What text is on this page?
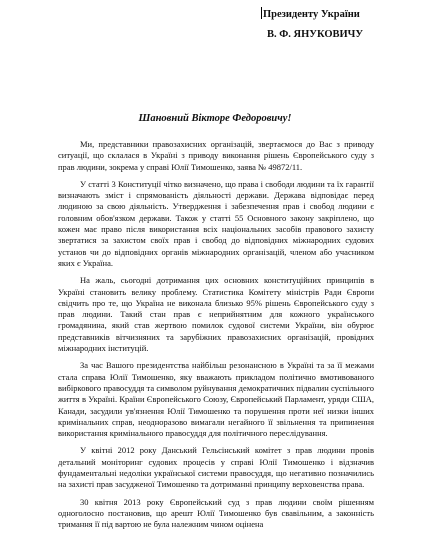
Президенту України
В. Ф. ЯНУКОВИЧУ
Шановний Вікторе Федоровичу!

Ми, представники правозахисних організацій, звертаємося до Вас з приводу ситуації, що склалася в Україні з приводу виконання рішень Європейського суду з прав людини, зокрема у справі Юлії Тимошенко, заява № 49872/11.

У статті 3 Конституції чітко визначено, що права і свободи людини та їх гарантії визначають зміст і спрямованість діяльності держави. Держава відповідає перед людиною за свою діяльність. Утвердження і забезпечення прав і свобод людини є головним обов'язком держави. Також у статті 55 Основного закону закріплено, що кожен має право після використання всіх національних засобів правового захисту звертатися за захистом своїх прав і свобод до відповідних міжнародних судових установ чи до відповідних органів міжнародних організацій, членом або учасником яких є Україна.

На жаль, сьогодні дотримання цих основних конституційних принципів в Україні становить велику проблему. Статистика Комітету міністрів Ради Європи свідчить про те, що Україна не виконала близько 95% рішень Європейського суду з прав людини. Такий стан прав є неприйнятним для кожного українського громадянина, який став жертвою помилок судової системи України, він обурює представників вітчизняних та зарубіжних правозахисних організацій, провідних міжнародних інституцій.

За час Вашого президентства найбільш резонансною в Україні та за її межами стала справа Юлії Тимошенко, яку вважають прикладом політично вмотивованого вибіркового правосуддя та символом руйнування демократичних підвалин суспільного життя в Україні. Країни Європейського Союзу, Європейський Парламент, уряди США, Канади, засудили ув'язнення Юлії Тимошенко та порушення проти неї низки інших кримінальних справ, неодноразово вимагали негайного її звільнення та припинення використання кримінального правосуддя для політичного переслідування.

У квітні 2012 року Данський Гельсінський комітет з прав людини провів детальний моніторинг судових процесів у справі Юлії Тимошенко і відзначив фундаментальні недоліки української системи правосуддя, що негативно позначились на захисті прав засудженої Тимошенко та дотриманні принципу верховенства права.

30 квітня 2013 року Європейський суд з прав людини своїм рішенням одноголосно постановив, що арешт Юлії Тимошенко був свавільним, а законність тримання її під вартою не була належним чином оцінена
